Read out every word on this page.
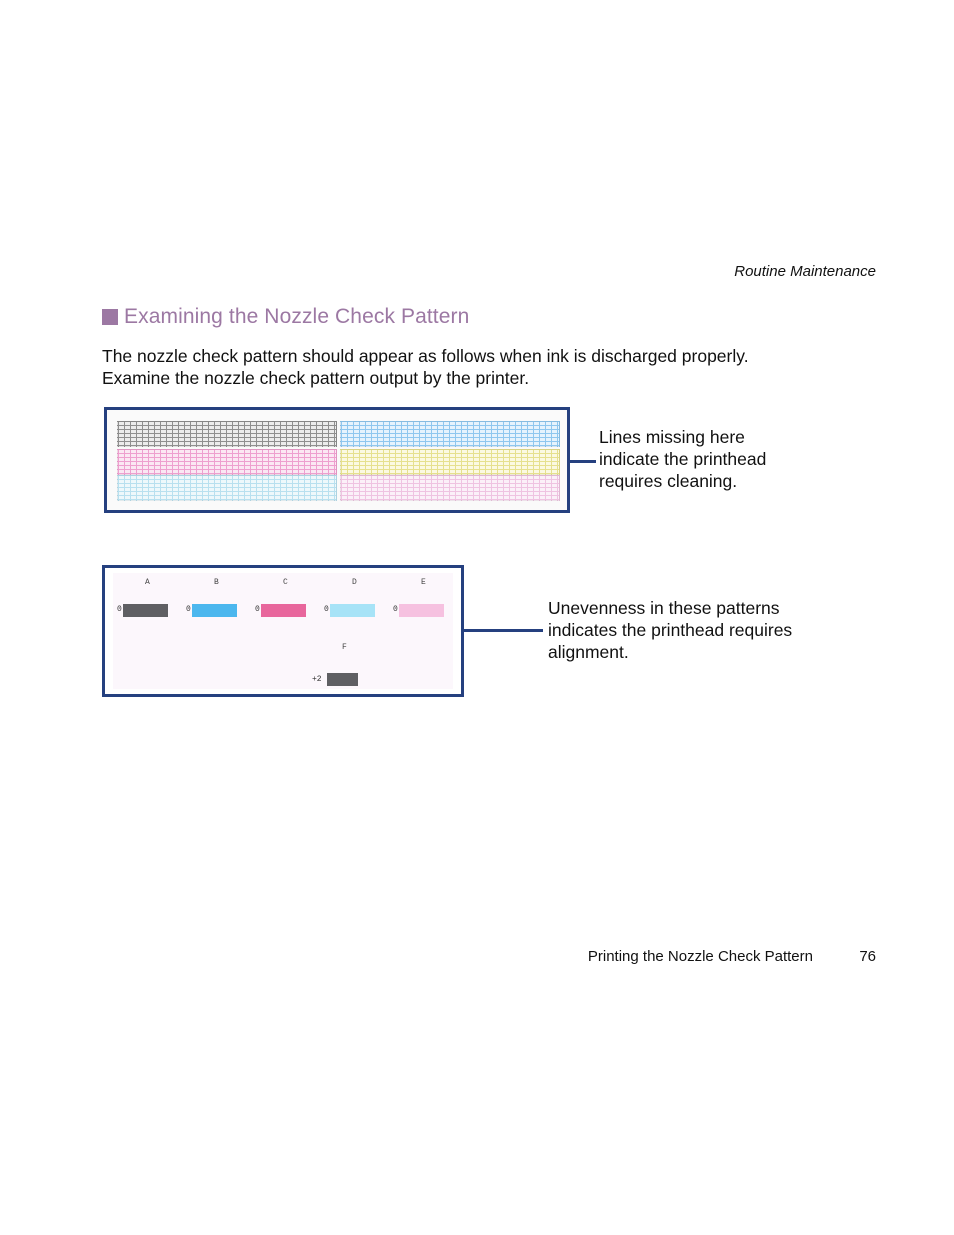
Routine Maintenance
Examining the Nozzle Check Pattern

The nozzle check pattern should appear as follows when ink is discharged properly.

Examine the nozzle check pattern output by the printer.

Lines missing here

indicate the printhead

requires cleaning.

A
0
B
0
C
0
D
0
E
0
F
+2

Unevenness in these patterns

indicates the printhead requires

alignment.

Printing the Nozzle Check Pattern	76
